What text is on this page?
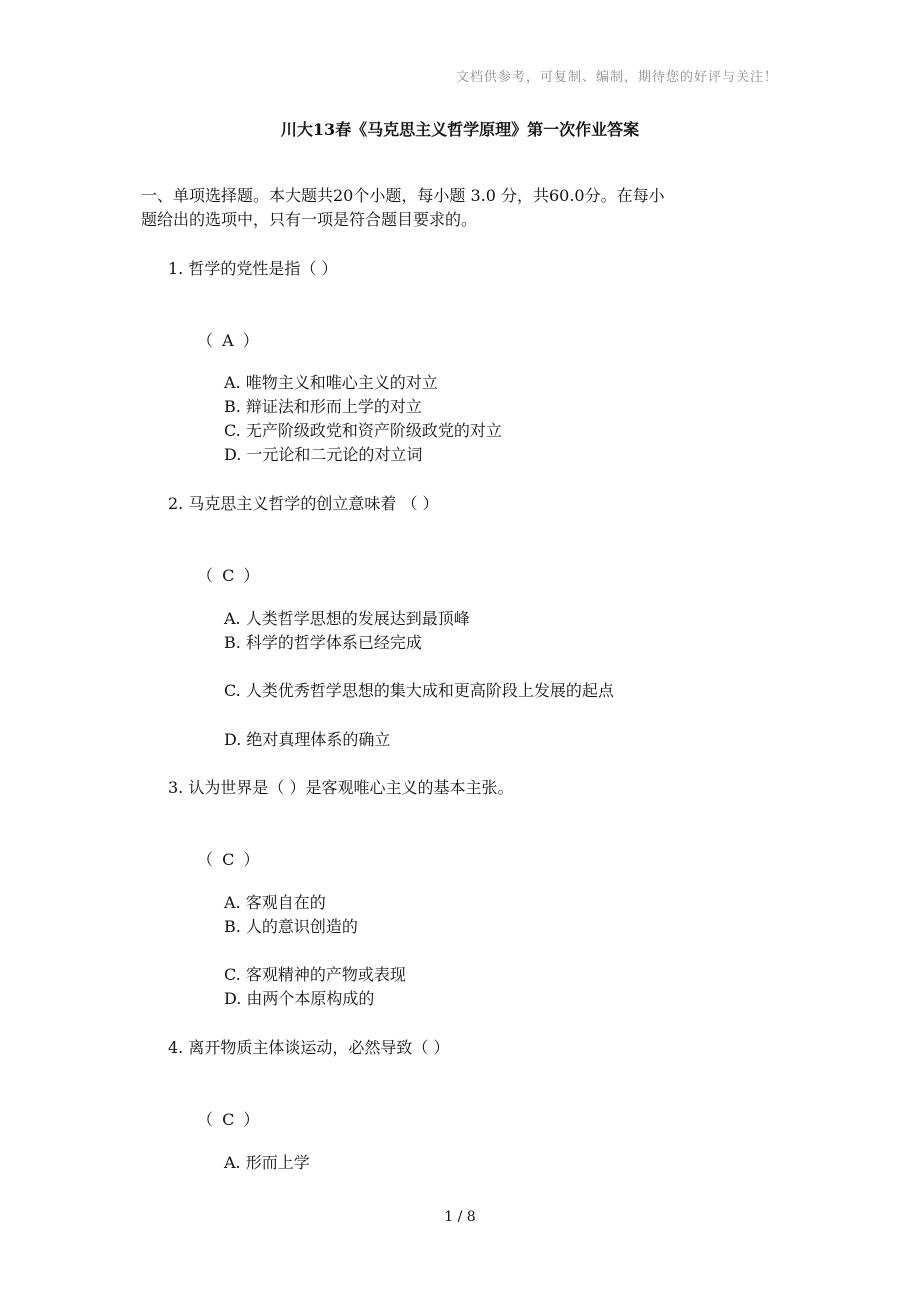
文档供参考，可复制、编制，期待您的好评与关注！
川大13春《马克思主义哲学原理》第一次作业答案
一、单项选择题。本大题共20个小题，每小题 3.0 分，共60.0分。在每小
题给出的选项中，只有一项是符合题目要求的。
1. 哲学的党性是指（ ）
（ A ）
A. 唯物主义和唯心主义的对立
B. 辩证法和形而上学的对立
C. 无产阶级政党和资产阶级政党的对立
D. 一元论和二元论的对立词
2. 马克思主义哲学的创立意味着 （ ）
（ C ）
A. 人类哲学思想的发展达到最顶峰
B. 科学的哲学体系已经完成
C. 人类优秀哲学思想的集大成和更高阶段上发展的起点
D. 绝对真理体系的确立
3. 认为世界是（ ）是客观唯心主义的基本主张。
（ C ）
A. 客观自在的
B. 人的意识创造的
C. 客观精神的产物或表现
D. 由两个本原构成的
4. 离开物质主体谈运动，必然导致（ ）
（ C ）
A. 形而上学
1 / 8
